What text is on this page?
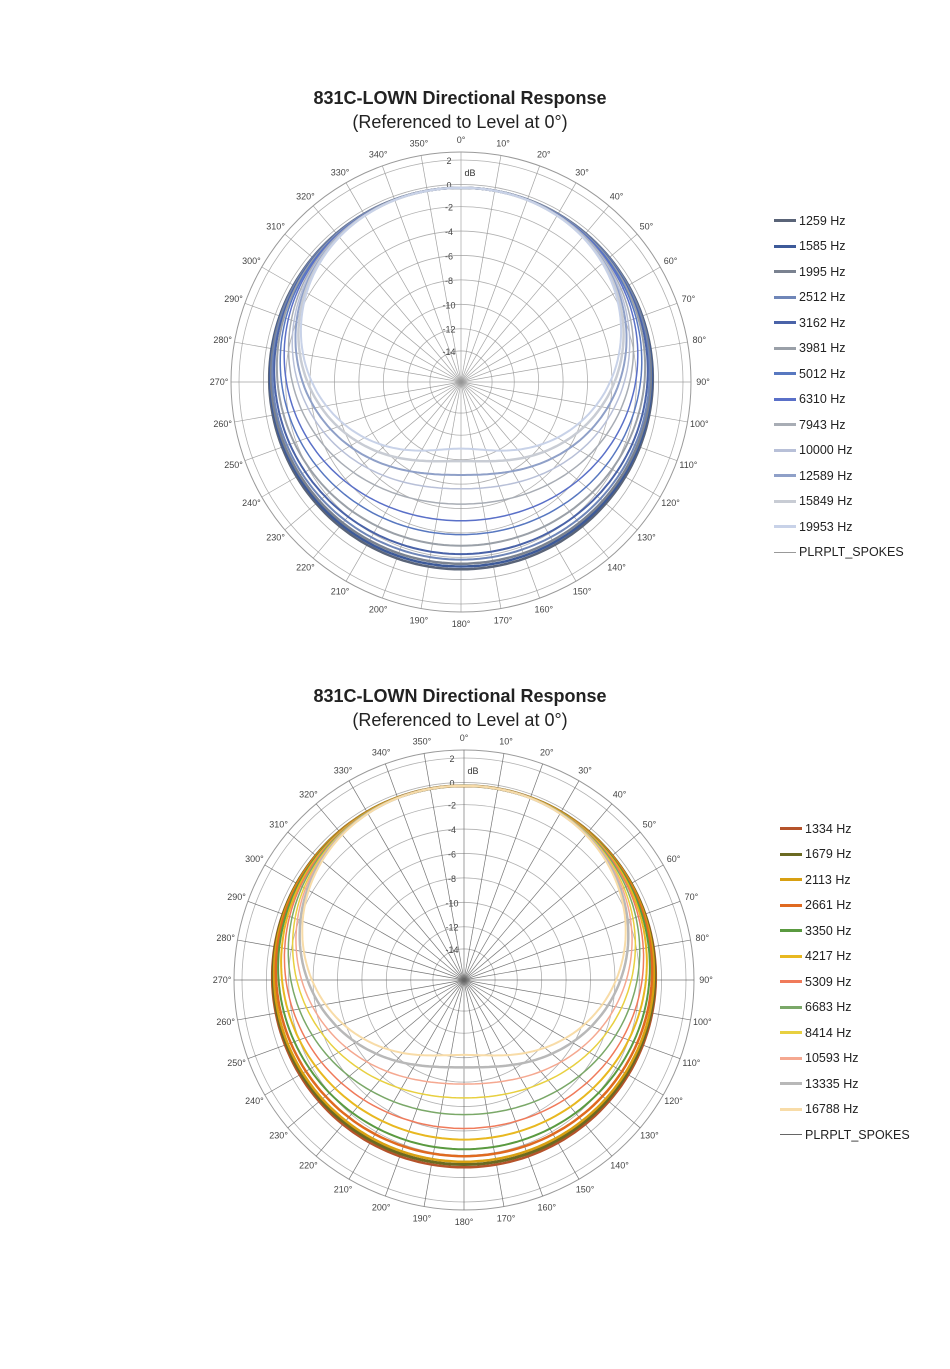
831C-LOWN Directional Response
(Referenced to Level at 0°)
0°	10°
20°
30°
40°
50°
60°
70°
80°
90°
100°
110°
120°
130°
140°
150°
160°
170°
180°
190°
200°
210°
220°
230°
240°
250°
260°
270°
280°
290°
300°
310°
320°
330°
340°
350°
2
0
-2
-4
-6
-8
-10
-12
-14
dB
1259 Hz
1585 Hz
1995 Hz
2512 Hz
3162 Hz
3981 Hz
5012 Hz
6310 Hz
7943 Hz
10000 Hz
12589 Hz
15849 Hz
19953 Hz
PLRPLT_SPOKES
831C-LOWN Directional Response
(Referenced to Level at 0°)
0°	10°
20°
30°
40°
50°
60°
70°
80°
90°
100°
110°
120°
130°
140°
150°
160°
170°
180°
190°
200°
210°
220°
230°
240°
250°
260°
270°
280°
290°
300°
310°
320°
330°
340°
350°
2
0
-2
-4
-6
-8
-10
-12
-14
dB
1334 Hz
1679 Hz
2113 Hz
2661 Hz
3350 Hz
4217 Hz
5309 Hz
6683 Hz
8414 Hz
10593 Hz
13335 Hz
16788 Hz
PLRPLT_SPOKES
